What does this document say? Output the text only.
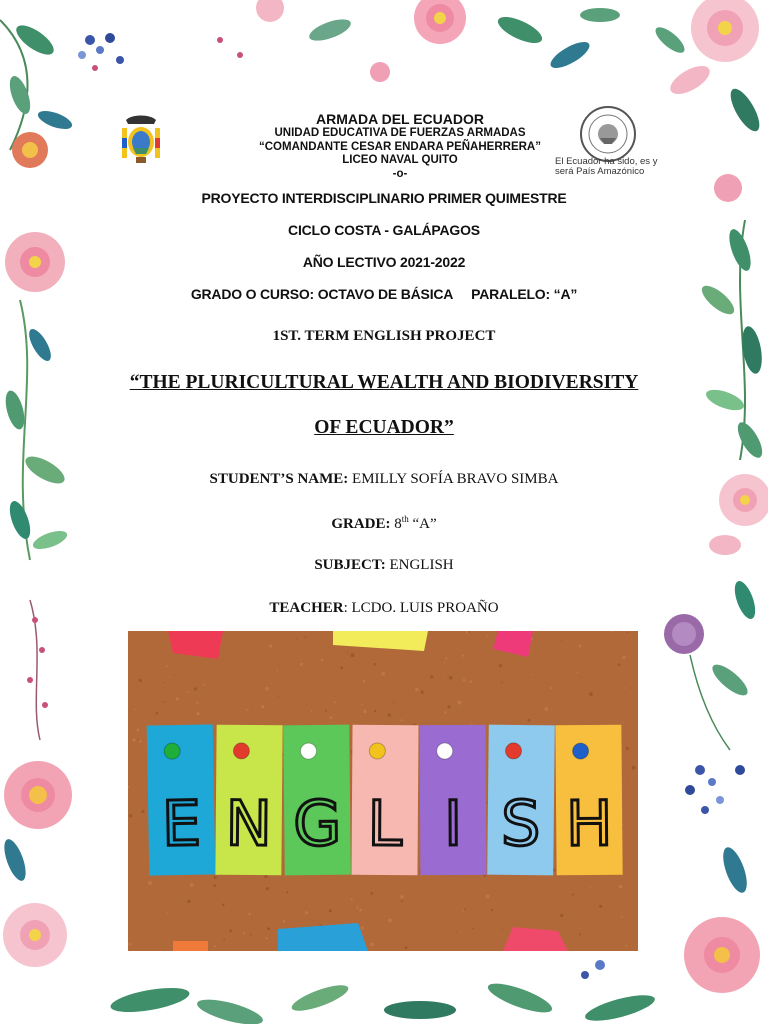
El Ecuador ha sido, es y será País Amazónico
ARMADA DEL ECUADOR
UNIDAD EDUCATIVA DE FUERZAS ARMADAS
“COMANDANTE CESAR ENDARA PEÑAHERRERA”
LICEO NAVAL QUITO
-o-
PROYECTO INTERDISCIPLINARIO PRIMER QUIMESTRE
CICLO COSTA - GALÁPAGOS
AÑO LECTIVO 2021-2022
GRADO O CURSO: OCTAVO DE BÁSICA     PARALELO: “A”
1ST. TERM ENGLISH PROJECT
“THE PLURICULTURAL WEALTH AND BIODIVERSITY
OF ECUADOR”
STUDENT’S NAME: EMILLY SOFÍA BRAVO SIMBA
GRADE: 8th “A”
SUBJECT: ENGLISH
TEACHER: LCDO. LUIS PROAÑO
E N G L I S H
